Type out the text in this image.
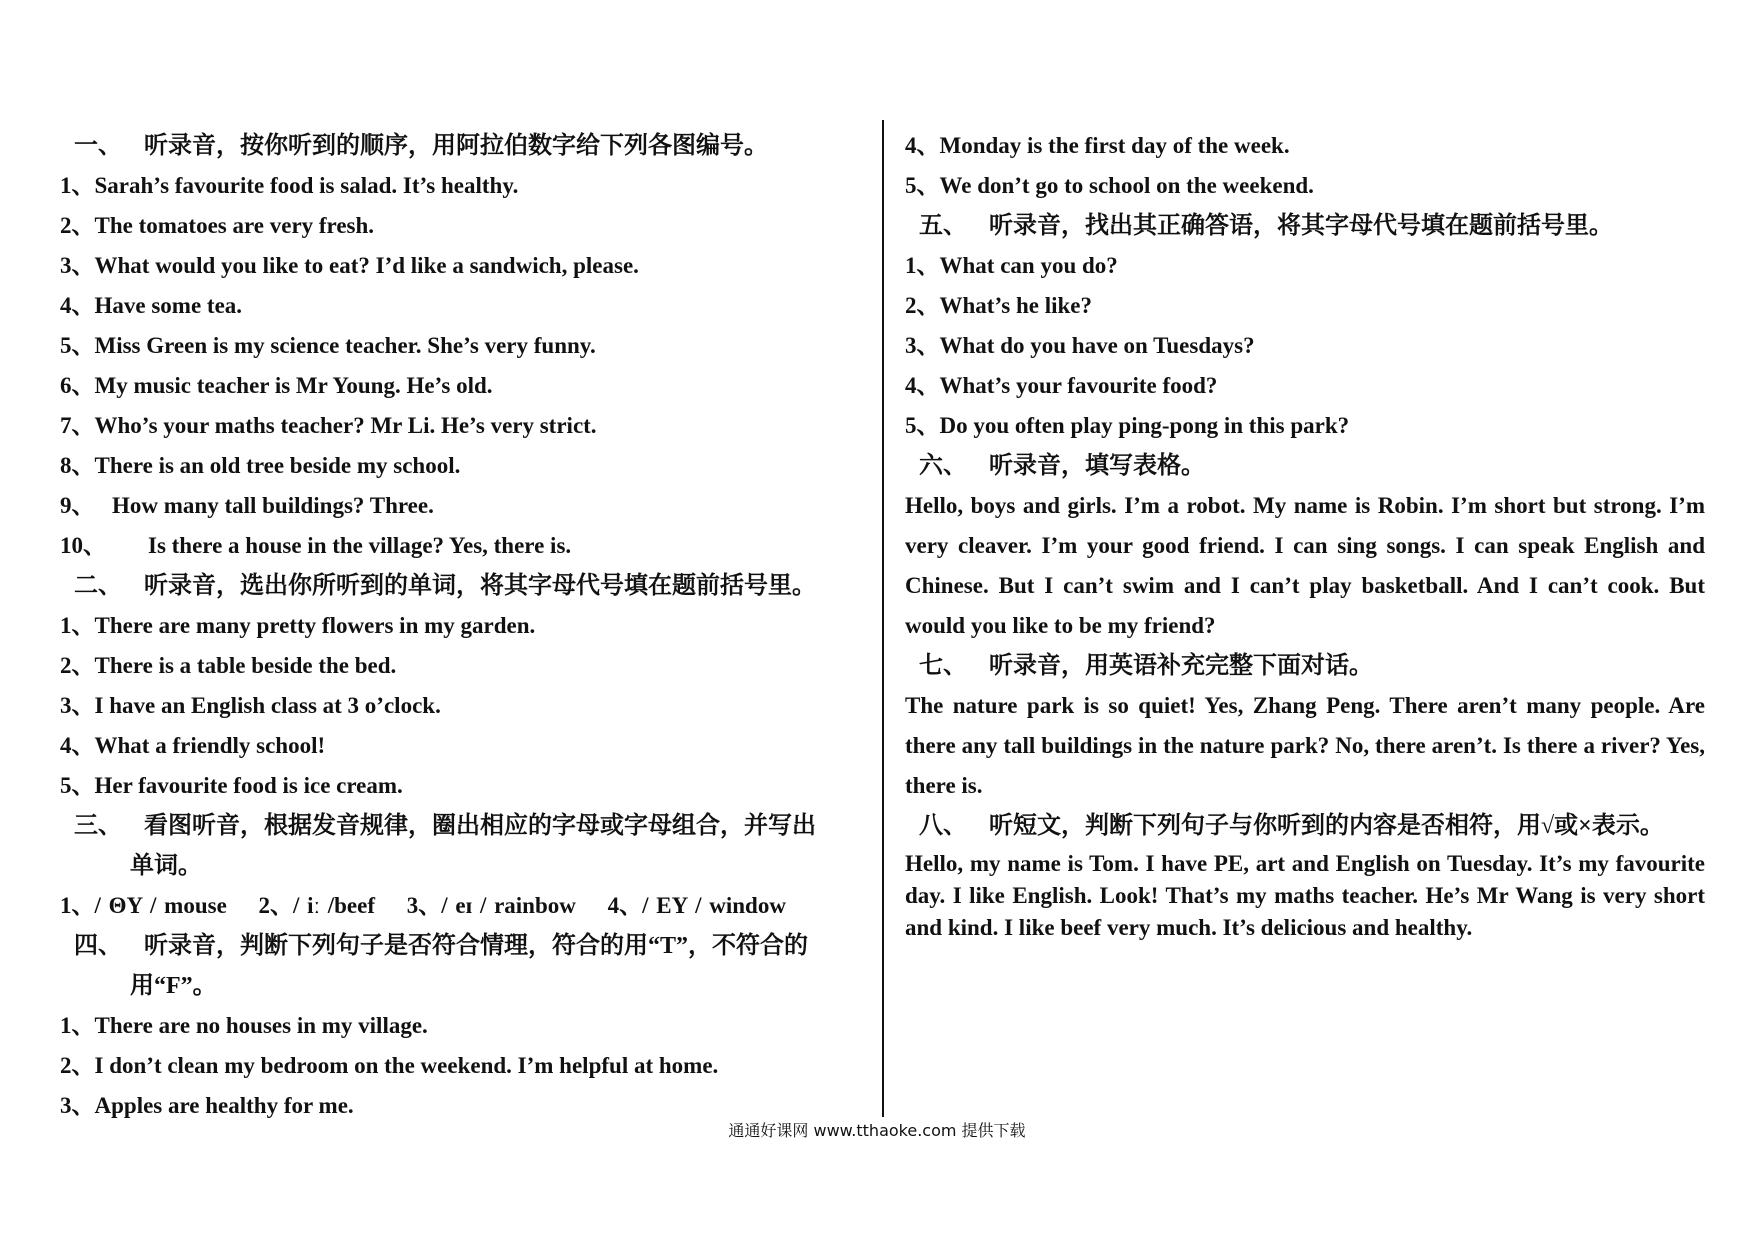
一、 听录音，按你听到的顺序，用阿拉伯数字给下列各图编号。
1、Sarah’s favourite food is salad. It’s healthy.
2、The tomatoes are very fresh.
3、What would you like to eat? I’d like a sandwich, please.
4、Have some tea.
5、Miss Green is my science teacher. She’s very funny.
6、My music teacher is Mr Young. He’s old.
7、Who’s your maths teacher? Mr Li. He’s very strict.
8、There is an old tree beside my school.
9、 How many tall buildings? Three.
10、 Is there a house in the village? Yes, there is.
二、 听录音，选出你所听到的单词，将其字母代号填在题前括号里。
1、There are many pretty flowers in my garden.
2、There is a table beside the bed.
3、I have an English class at 3 o’clock.
4、What a friendly school!
5、Her favourite food is ice cream.
三、 看图听音，根据发音规律，圈出相应的字母或字母组合，并写出
单词。
1、/ ΘY / mouse 2、/ iː /beef 3、/ eɪ / rainbow 4、/ EY / window
四、 听录音，判断下列句子是否符合情理，符合的用“T”，不符合的
用“F”。
1、There are no houses in my village.
2、I don’t clean my bedroom on the weekend. I’m helpful at home.
3、Apples are healthy for me.
4、Monday is the first day of the week.
5、We don’t go to school on the weekend.
五、 听录音，找出其正确答语，将其字母代号填在题前括号里。
1、What can you do?
2、What’s he like?
3、What do you have on Tuesdays?
4、What’s your favourite food?
5、Do you often play ping-pong in this park?
六、 听录音，填写表格。
Hello, boys and girls. I’m a robot. My name is Robin. I’m short but strong. I’m very cleaver. I’m your good friend. I can sing songs. I can speak English and Chinese. But I can’t swim and I can’t play basketball. And I can’t cook. But would you like to be my friend?
七、 听录音，用英语补充完整下面对话。
The nature park is so quiet! Yes, Zhang Peng. There aren’t many people. Are there any tall buildings in the nature park? No, there aren’t. Is there a river? Yes, there is.
八、 听短文，判断下列句子与你听到的内容是否相符，用√或×表示。
Hello, my name is Tom. I have PE, art and English on Tuesday. It’s my favourite day. I like English. Look! That’s my maths teacher. He’s Mr Wang is very short and kind. I like beef very much. It’s delicious and healthy.
通通好课网 www.tthaoke.com 提供下载
